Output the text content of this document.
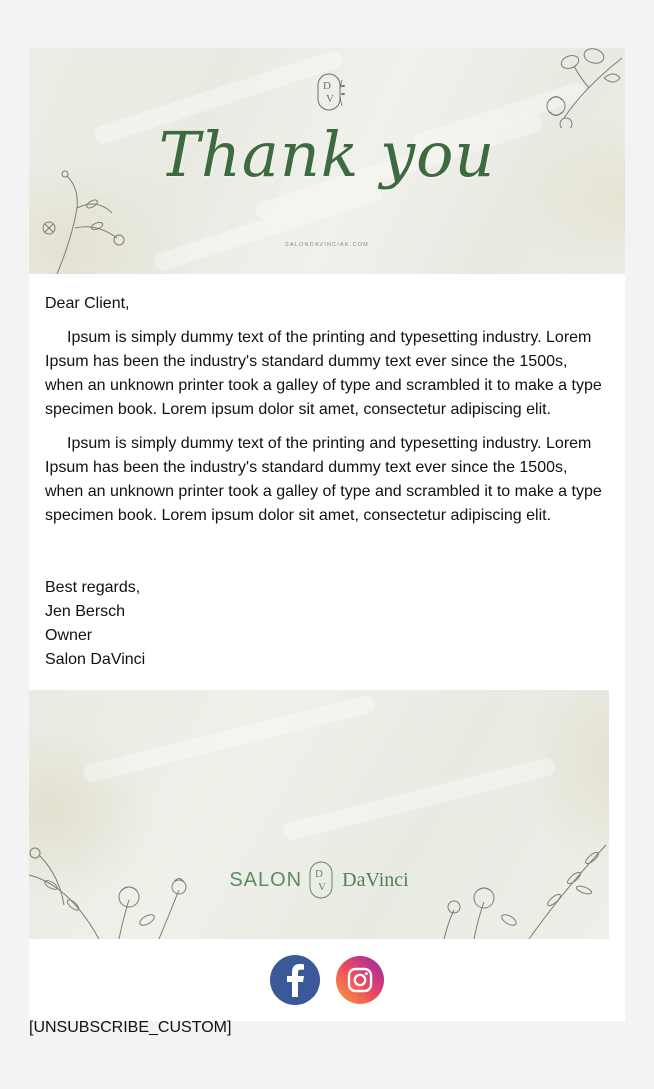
D
V
Thank you
SALONDAVINCIAK.COM
Dear Client,

Ipsum is simply dummy text of the printing and typesetting industry. Lorem Ipsum has been the industry's standard dummy text ever since the 1500s, when an unknown printer took a galley of type and scrambled it to make a type specimen book. Lorem ipsum dolor sit amet, consectetur adipiscing elit.

Ipsum is simply dummy text of the printing and typesetting industry. Lorem Ipsum has been the industry's standard dummy text ever since the 1500s, when an unknown printer took a galley of type and scrambled it to make a type specimen book. Lorem ipsum dolor sit amet, consectetur adipiscing elit.

Best regards,
Jen Bersch
Owner
Salon DaVinci
SALON D
V DaVinci
[UNSUBSCRIBE_CUSTOM]
